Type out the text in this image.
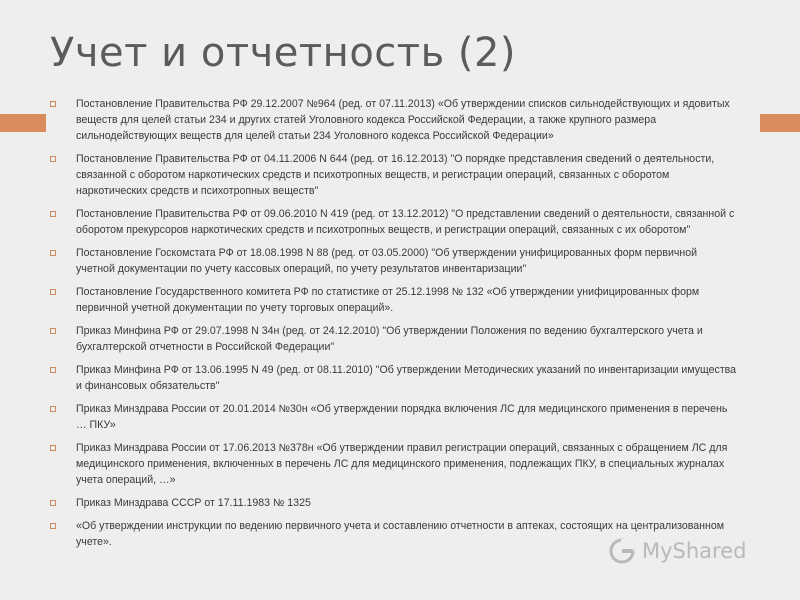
Учет и отчетность (2)
Постановление Правительства РФ 29.12.2007 №964 (ред. от 07.11.2013) «Об утверждении списков сильнодействующих и ядовитых веществ для целей статьи 234 и других статей Уголовного кодекса Российской Федерации, а также крупного размера сильнодействующих веществ для целей статьи 234 Уголовного кодекса Российской Федерации»
Постановление Правительства РФ от 04.11.2006 N 644 (ред. от 16.12.2013) "О порядке представления сведений о деятельности, связанной с оборотом наркотических средств и психотропных веществ, и регистрации операций, связанных с оборотом наркотических средств и психотропных веществ"
Постановление Правительства РФ от 09.06.2010 N 419 (ред. от 13.12.2012) "О представлении сведений о деятельности, связанной с оборотом прекурсоров наркотических средств и психотропных веществ, и регистрации операций, связанных с их оборотом"
Постановление Госкомстата РФ от 18.08.1998 N 88 (ред. от 03.05.2000) "Об утверждении унифицированных форм первичной учетной документации по учету кассовых операций, по учету результатов инвентаризации"
Постановление Государственного комитета РФ по статистике от 25.12.1998 № 132 «Об утверждении унифицированных форм первичной учетной документации по учету торговых операций».
Приказ Минфина РФ от 29.07.1998 N 34н (ред. от 24.12.2010) "Об утверждении Положения по ведению бухгалтерского учета и бухгалтерской отчетности в Российской Федерации"
Приказ Минфина РФ от 13.06.1995 N 49 (ред. от 08.11.2010) "Об утверждении Методических указаний по инвентаризации имущества и финансовых обязательств"
Приказ Минздрава России от 20.01.2014 №30н «Об утверждении порядка включения ЛС для медицинского применения в перечень … ПКУ»
Приказ Минздрава России от 17.06.2013 №378н «Об утверждении правил регистрации операций, связанных с обращением ЛС для медицинского применения, включенных в перечень ЛС для медицинского применения, подлежащих ПКУ, в специальных журналах учета операций, …»
Приказ Минздрава СССР от 17.11.1983 № 1325
«Об утверждении инструкции по ведению первичного учета и составлению отчетности в аптеках, состоящих на централизованном учете».	MyShared
